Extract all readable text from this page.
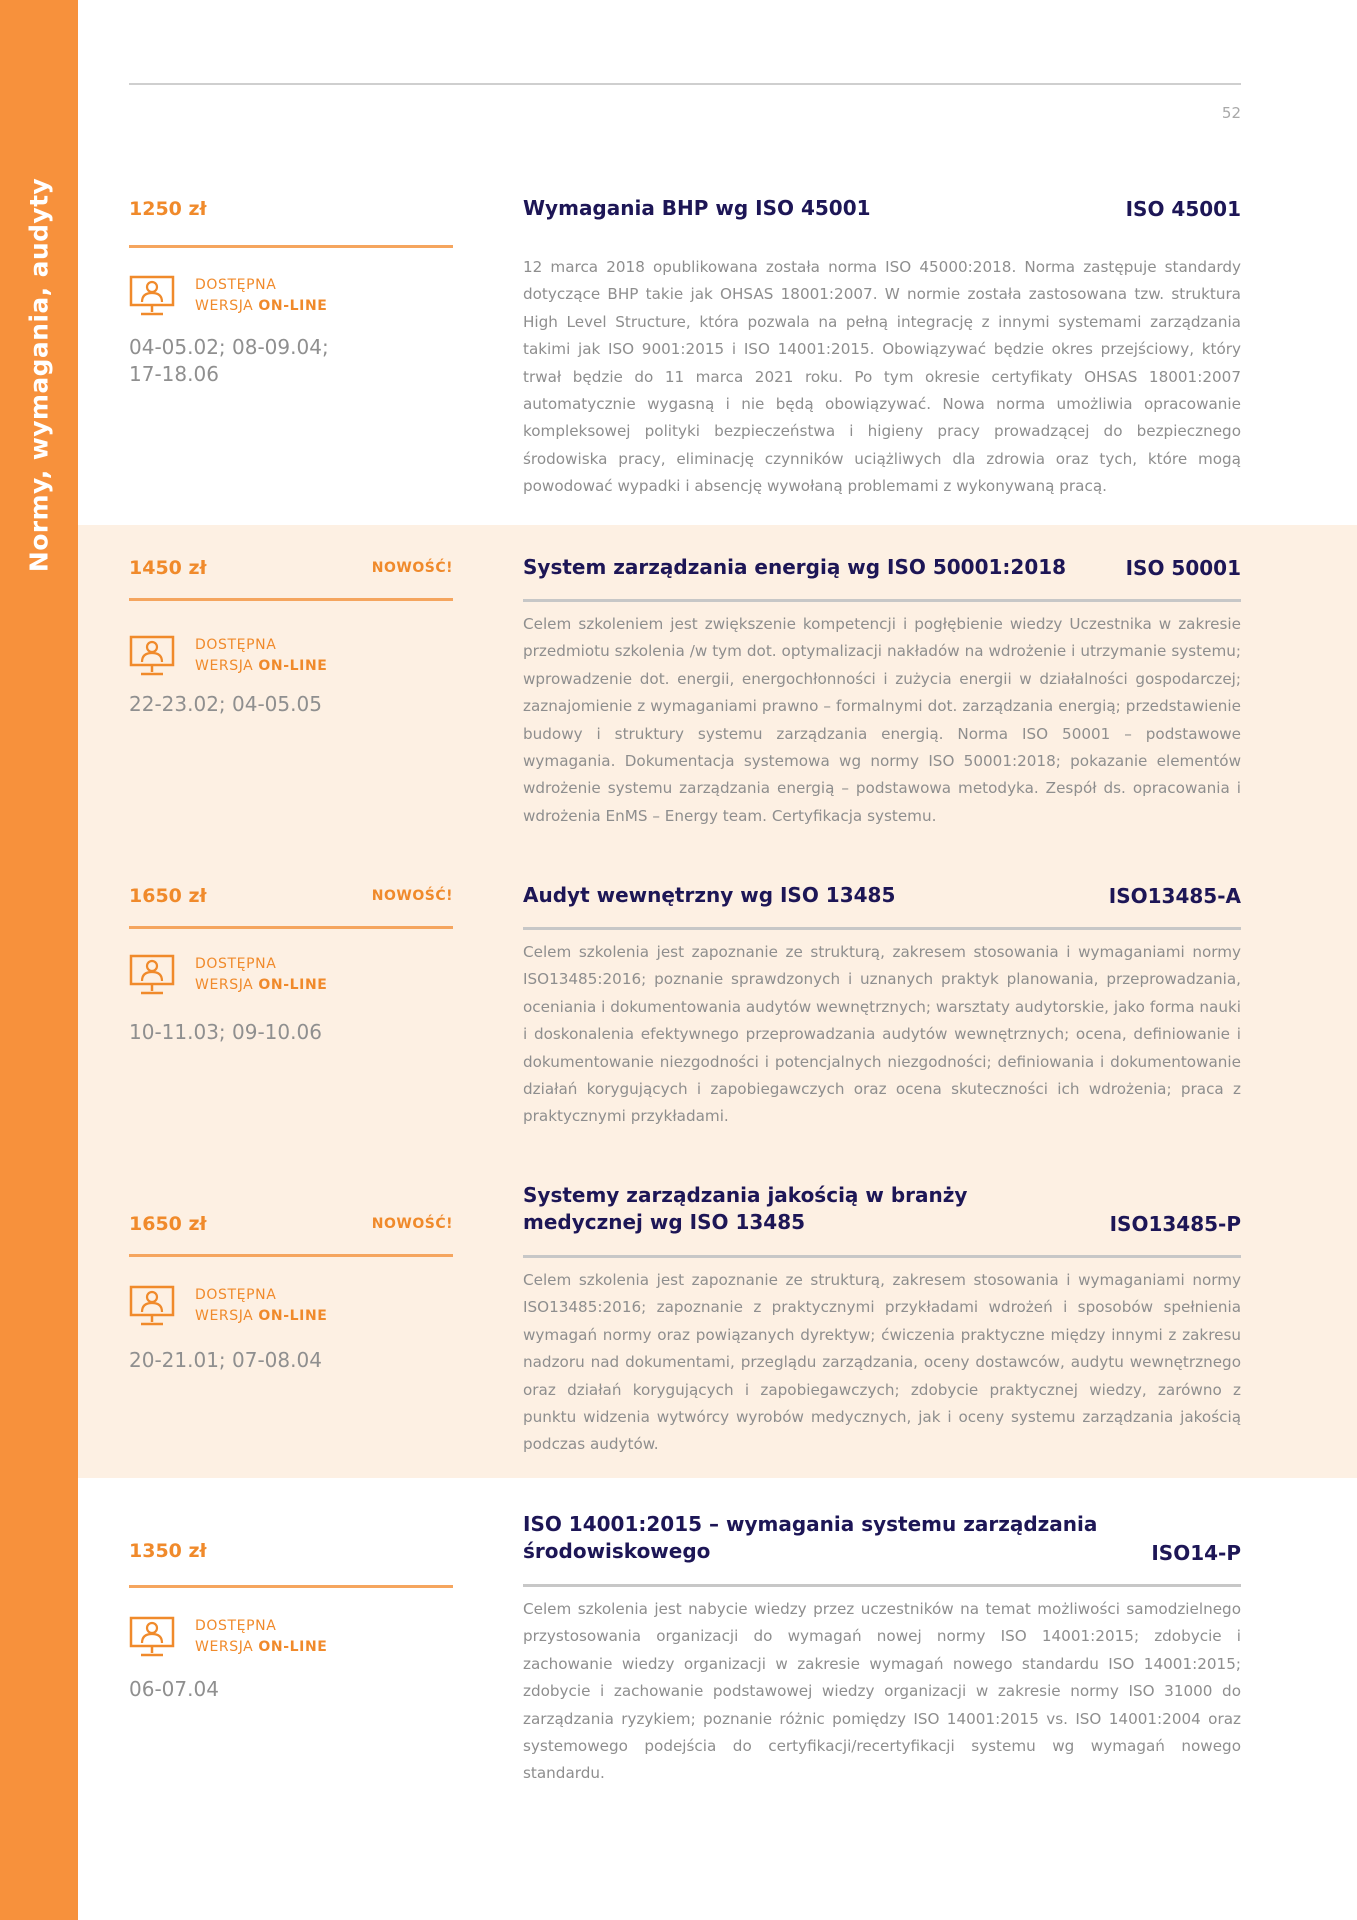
Normy, wymagania, audyty
52
1250 zł
DOSTĘPNA
WERSJA ON-LINE
04-05.02; 08-09.04; 17-18.06
Wymagania BHP wg ISO 45001	ISO 45001
12 marca 2018 opublikowana została norma ISO 45000:2018. Norma zastępuje standardy dotyczące BHP takie jak OHSAS 18001:2007. W normie została zastosowana tzw. struktura High Level Structure, która pozwala na pełną integrację z innymi systemami zarządzania takimi jak ISO 9001:2015 i ISO 14001:2015. Obowiązywać będzie okres przejściowy, który trwał będzie do 11 marca 2021 roku. Po tym okresie certyfikaty OHSAS 18001:2007 automatycznie wygasną i nie będą obowiązywać. Nowa norma umożliwia opracowanie kompleksowej polityki bezpieczeństwa i higieny pracy prowadzącej do bezpiecznego środowiska pracy, eliminację czynników uciążliwych dla zdrowia oraz tych, które mogą powodować wypadki i absencję wywołaną problemami z wykonywaną pracą.
1450 zł	NOWOŚĆ!
DOSTĘPNA
WERSJA ON-LINE
22-23.02; 04-05.05
System zarządzania energią wg ISO 50001:2018	ISO 50001
Celem szkoleniem jest zwiększenie kompetencji i pogłębienie wiedzy Uczestnika w zakresie przedmiotu szkolenia /w tym dot. optymalizacji nakładów na wdrożenie i utrzymanie systemu; wprowadzenie dot. energii, energochłonności i zużycia energii w działalności gospodarczej; zaznajomienie z wymaganiami prawno – formalnymi dot. zarządzania energią; przedstawienie budowy i struktury systemu zarządzania energią. Norma ISO 50001 – podstawowe wymagania. Dokumentacja systemowa wg normy ISO 50001:2018; pokazanie elementów wdrożenie systemu zarządzania energią – podstawowa metodyka. Zespół ds. opracowania i wdrożenia EnMS – Energy team. Certyfikacja systemu.
1650 zł	NOWOŚĆ!
DOSTĘPNA
WERSJA ON-LINE
10-11.03; 09-10.06
Audyt wewnętrzny wg ISO 13485	ISO13485-A
Celem szkolenia jest zapoznanie ze strukturą, zakresem stosowania i wymaganiami normy ISO13485:2016; poznanie sprawdzonych i uznanych praktyk planowania, przeprowadzania, oceniania i dokumentowania audytów wewnętrznych; warsztaty audytorskie, jako forma nauki i doskonalenia efektywnego przeprowadzania audytów wewnętrznych; ocena, definiowanie i dokumentowanie niezgodności i potencjalnych niezgodności; definiowania i dokumentowanie działań korygujących i zapobiegawczych oraz ocena skuteczności ich wdrożenia; praca z praktycznymi przykładami.
1650 zł	NOWOŚĆ!
DOSTĘPNA
WERSJA ON-LINE
20-21.01; 07-08.04
Systemy zarządzania jakością w branży medycznej wg ISO 13485	ISO13485-P
Celem szkolenia jest zapoznanie ze strukturą, zakresem stosowania i wymaganiami normy ISO13485:2016; zapoznanie z praktycznymi przykładami wdrożeń i sposobów spełnienia wymagań normy oraz powiązanych dyrektyw; ćwiczenia praktyczne między innymi z zakresu nadzoru nad dokumentami, przeglądu zarządzania, oceny dostawców, audytu wewnętrznego oraz działań korygujących i zapobiegawczych; zdobycie praktycznej wiedzy, zarówno z punktu widzenia wytwórcy wyrobów medycznych, jak i oceny systemu zarządzania jakością podczas audytów.
1350 zł
DOSTĘPNA
WERSJA ON-LINE
06-07.04
ISO 14001:2015 – wymagania systemu zarządzania środowiskowego	ISO14-P
Celem szkolenia jest nabycie wiedzy przez uczestników na temat możliwości samodzielnego przystosowania organizacji do wymagań nowej normy ISO 14001:2015; zdobycie i zachowanie wiedzy organizacji w zakresie wymagań nowego standardu ISO 14001:2015; zdobycie i zachowanie podstawowej wiedzy organizacji w zakresie normy ISO 31000 do zarządzania ryzykiem; poznanie różnic pomiędzy ISO 14001:2015 vs. ISO 14001:2004 oraz systemowego podejścia do certyfikacji/recertyfikacji systemu wg wymagań nowego standardu.
